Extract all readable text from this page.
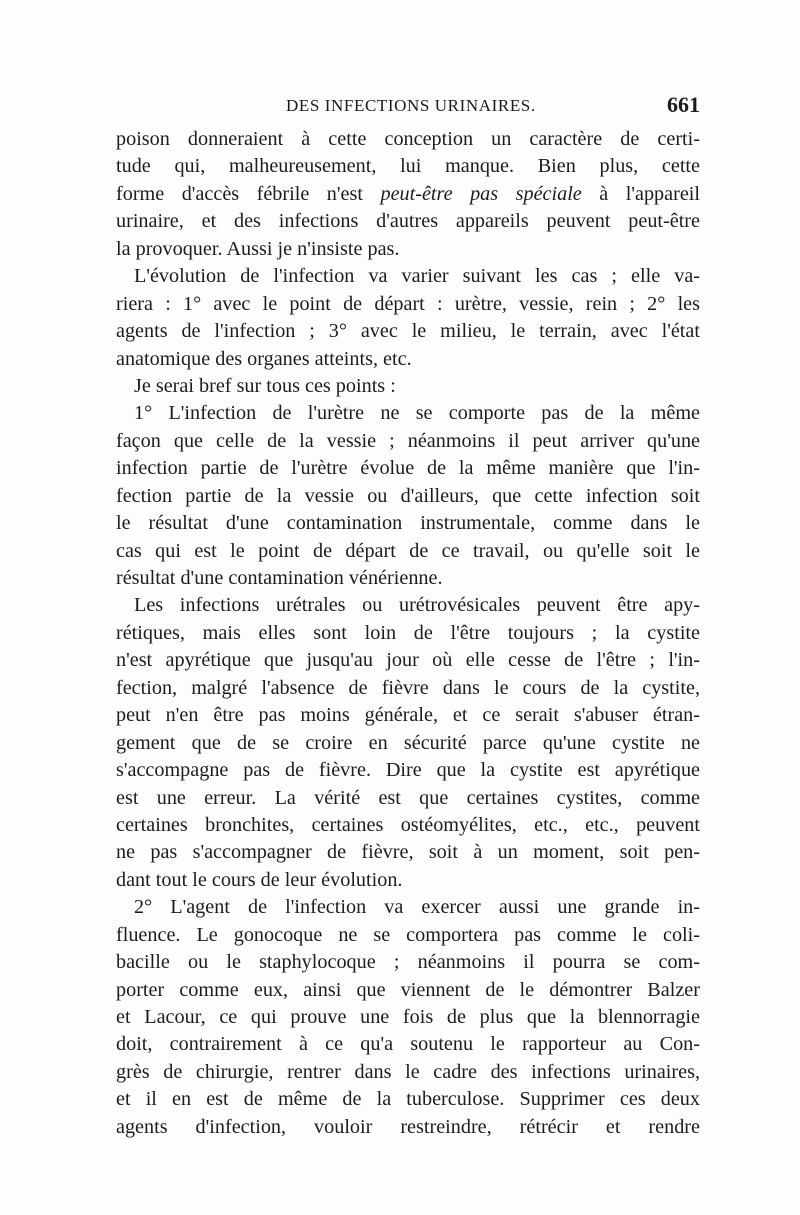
DES INFECTIONS URINAIRES.	661
poison donneraient à cette conception un caractère de certi-
tude qui, malheureusement, lui manque. Bien plus, cette
forme d'accès fébrile n'est peut-être pas spéciale à l'appareil
urinaire, et des infections d'autres appareils peuvent peut-être
la provoquer. Aussi je n'insiste pas.
L'évolution de l'infection va varier suivant les cas ; elle va-
riera : 1° avec le point de départ : urètre, vessie, rein ; 2° les
agents de l'infection ; 3° avec le milieu, le terrain, avec l'état
anatomique des organes atteints, etc.
Je serai bref sur tous ces points :
1° L'infection de l'urètre ne se comporte pas de la même
façon que celle de la vessie ; néanmoins il peut arriver qu'une
infection partie de l'urètre évolue de la même manière que l'in-
fection partie de la vessie ou d'ailleurs, que cette infection soit
le résultat d'une contamination instrumentale, comme dans le
cas qui est le point de départ de ce travail, ou qu'elle soit le
résultat d'une contamination vénérienne.
Les infections urétrales ou urétrovésicales peuvent être apy-
rétiques, mais elles sont loin de l'être toujours ; la cystite
n'est apyrétique que jusqu'au jour où elle cesse de l'être ; l'in-
fection, malgré l'absence de fièvre dans le cours de la cystite,
peut n'en être pas moins générale, et ce serait s'abuser étran-
gement que de se croire en sécurité parce qu'une cystite ne
s'accompagne pas de fièvre. Dire que la cystite est apyrétique
est une erreur. La vérité est que certaines cystites, comme
certaines bronchites, certaines ostéomyélites, etc., etc., peuvent
ne pas s'accompagner de fièvre, soit à un moment, soit pen-
dant tout le cours de leur évolution.
2° L'agent de l'infection va exercer aussi une grande in-
fluence. Le gonocoque ne se comportera pas comme le coli-
bacille ou le staphylocoque ; néanmoins il pourra se com-
porter comme eux, ainsi que viennent de le démontrer Balzer
et Lacour, ce qui prouve une fois de plus que la blennorragie
doit, contrairement à ce qu'a soutenu le rapporteur au Con-
grès de chirurgie, rentrer dans le cadre des infections urinaires,
et il en est de même de la tuberculose. Supprimer ces deux
agents d'infection, vouloir restreindre, rétrécir et rendre
